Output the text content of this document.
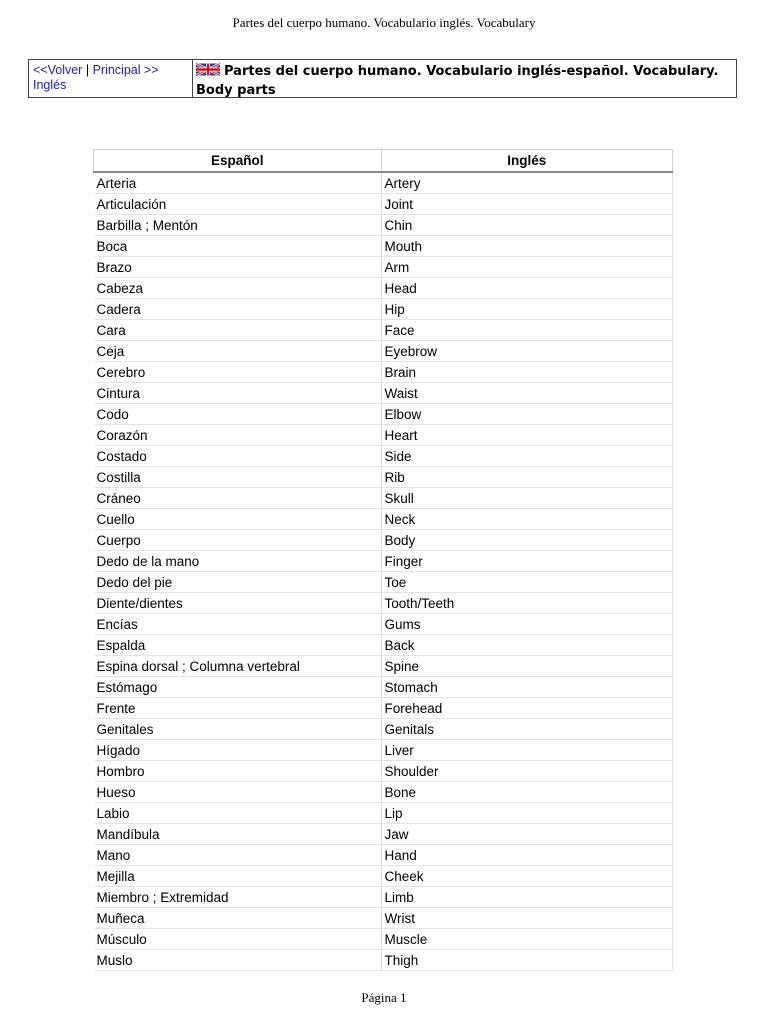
Partes del cuerpo humano. Vocabulario inglés. Vocabulary
<<Volver | Principal >>
Inglés
Partes del cuerpo humano. Vocabulario inglés-español. Vocabulary. Body parts
Español	Inglés
Arteria	Artery
Articulación	Joint
Barbilla ; Mentón	Chin
Boca	Mouth
Brazo	Arm
Cabeza	Head
Cadera	Hip
Cara	Face
Ceja	Eyebrow
Cerebro	Brain
Cintura	Waist
Codo	Elbow
Corazón	Heart
Costado	Side
Costilla	Rib
Cráneo	Skull
Cuello	Neck
Cuerpo	Body
Dedo de la mano	Finger
Dedo del pie	Toe
Diente/dientes	Tooth/Teeth
Encías	Gums
Espalda	Back
Espina dorsal ; Columna vertebral	Spine
Estómago	Stomach
Frente	Forehead
Genitales	Genitals
Hígado	Liver
Hombro	Shoulder
Hueso	Bone
Labio	Lip
Mandíbula	Jaw
Mano	Hand
Mejilla	Cheek
Miembro ; Extremidad	Limb
Muñeca	Wrist
Músculo	Muscle
Muslo	Thigh
Página 1
